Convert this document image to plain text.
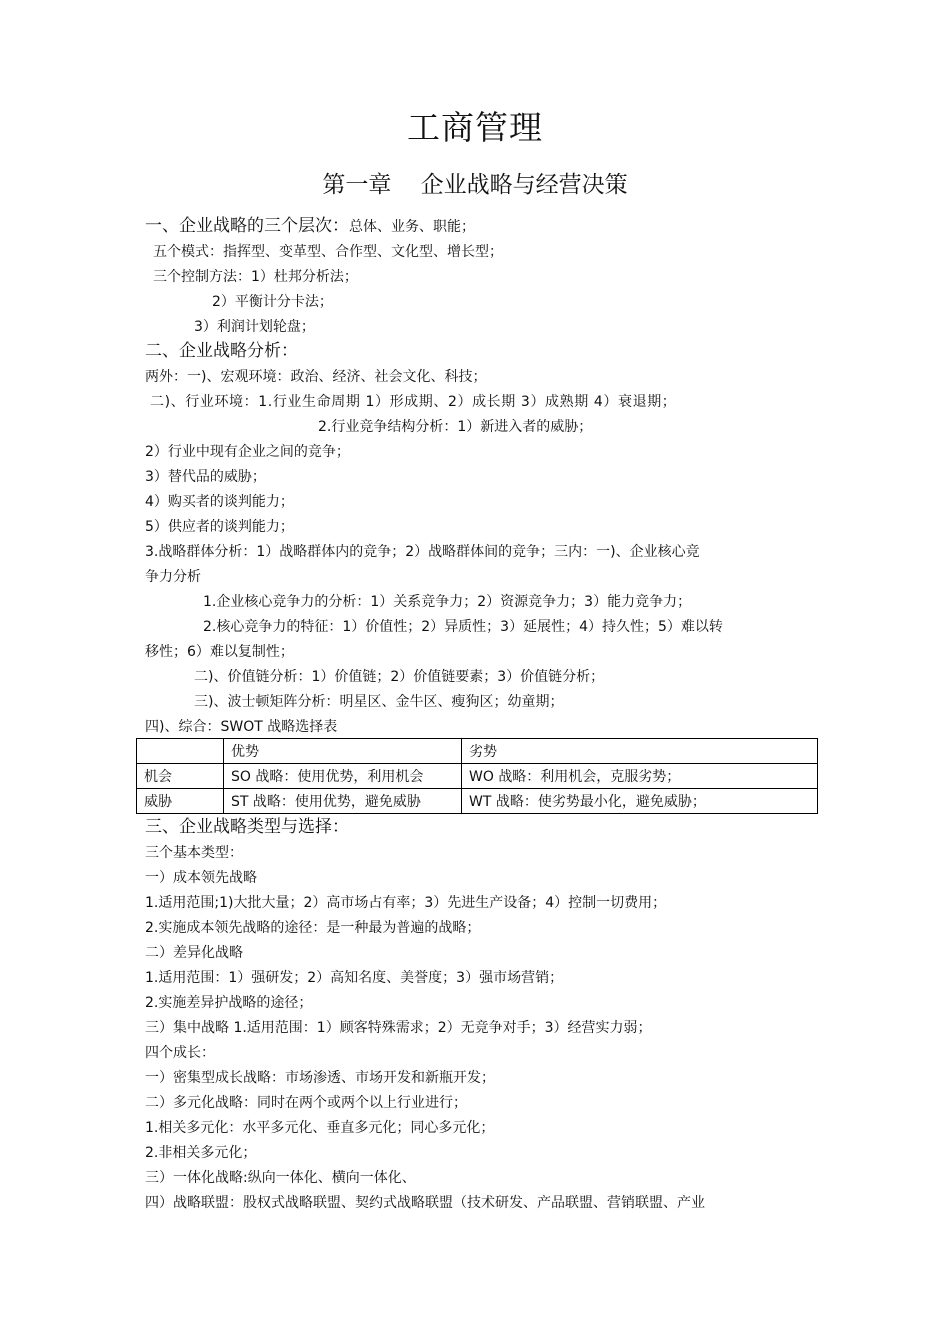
工商管理
第一章    企业战略与经营决策
一、企业战略的三个层次：总体、业务、职能；
五个模式：指挥型、变革型、合作型、文化型、增长型；
三个控制方法：1）杜邦分析法；
2）平衡计分卡法；
3）利润计划轮盘；
二、企业战略分析：
两外：一)、宏观环境：政治、经济、社会文化、科技；
二)、行业环境：1.行业生命周期 1）形成期、2）成长期 3）成熟期 4）衰退期；
2.行业竞争结构分析：1）新进入者的威胁；
2）行业中现有企业之间的竞争；
3）替代品的威胁；
4）购买者的谈判能力；
5）供应者的谈判能力；
3.战略群体分析：1）战略群体内的竞争；2）战略群体间的竞争；三内：一)、企业核心竞
争力分析
1.企业核心竞争力的分析：1）关系竞争力；2）资源竞争力；3）能力竞争力；
2.核心竞争力的特征：1）价值性；2）异质性；3）延展性；4）持久性；5）难以转
移性；6）难以复制性；
二)、价值链分析：1）价值链；2）价值链要素；3）价值链分析；
三)、波士顿矩阵分析：明星区、金牛区、瘦狗区；幼童期；
四)、综合：SWOT 战略选择表
	优势	劣势
机会	SO 战略：使用优势，利用机会	WO 战略：利用机会，克服劣势；
威胁	ST 战略：使用优势，避免威胁	WT 战略：使劣势最小化，避免威胁；
三、企业战略类型与选择：
三个基本类型：
一）成本领先战略
1.适用范围;1)大批大量；2）高市场占有率；3）先进生产设备；4）控制一切费用；
2.实施成本领先战略的途径：是一种最为普遍的战略；
二）差异化战略
1.适用范围：1）强研发；2）高知名度、美誉度；3）强市场营销；
2.实施差异护战略的途径；
三）集中战略 1.适用范围：1）顾客特殊需求；2）无竞争对手；3）经营实力弱；
四个成长：
一）密集型成长战略：市场渗透、市场开发和新瓶开发；
二）多元化战略：同时在两个或两个以上行业进行；
1.相关多元化：水平多元化、垂直多元化；同心多元化；
2.非相关多元化；
三）一体化战略:纵向一体化、横向一体化、
四）战略联盟：股权式战略联盟、契约式战略联盟（技术研发、产品联盟、营销联盟、产业
